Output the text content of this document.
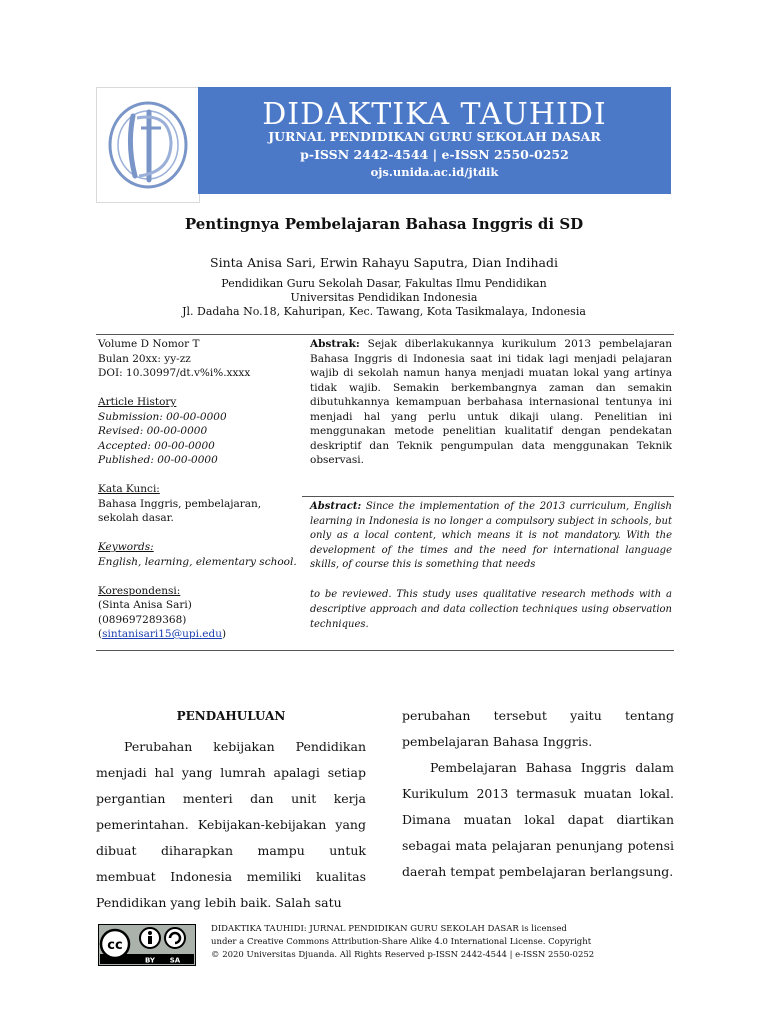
DIDAKTIKA TAUHIDI
JURNAL PENDIDIKAN GURU SEKOLAH DASAR
p-ISSN 2442-4544 | e-ISSN 2550-0252
ojs.unida.ac.id/jtdik
Pentingnya Pembelajaran Bahasa Inggris di SD
Sinta Anisa Sari, Erwin Rahayu Saputra, Dian Indihadi
Pendidikan Guru Sekolah Dasar, Fakultas Ilmu Pendidikan
Universitas Pendidikan Indonesia
Jl. Dadaha No.18, Kahuripan, Kec. Tawang, Kota Tasikmalaya, Indonesia
Volume D Nomor T
Bulan 20xx: yy-zz
DOI: 10.30997/dt.v%i%.xxxx
Article History
Submission: 00-00-0000
Revised: 00-00-0000
Accepted: 00-00-0000
Published: 00-00-0000
Kata Kunci:
Bahasa Inggris, pembelajaran,
sekolah dasar.
Keywords:
English, learning, elementary school.
Korespondensi:
(Sinta Anisa Sari)
(089697289368)
(sintanisari15@upi.edu)
Abstrak: Sejak diberlakukannya kurikulum 2013 pembelajaran Bahasa Inggris di Indonesia saat ini tidak lagi menjadi pelajaran wajib di sekolah namun hanya menjadi muatan lokal yang artinya tidak wajib. Semakin berkembangnya zaman dan semakin dibutuhkannya kemampuan berbahasa internasional tentunya ini menjadi hal yang perlu untuk dikaji ulang. Penelitian ini menggunakan metode penelitian kualitatif dengan pendekatan deskriptif dan Teknik pengumpulan data menggunakan Teknik observasi.
Abstract: Since the implementation of the 2013 curriculum, English learning in Indonesia is no longer a compulsory subject in schools, but only as a local content, which means it is not mandatory. With the development of the times and the need for international language skills, of course this is something that needs
to be reviewed. This study uses qualitative research methods with a descriptive approach and data collection techniques using observation techniques.
PENDAHULUAN
Perubahan kebijakan Pendidikan menjadi hal yang lumrah apalagi setiap pergantian menteri dan unit kerja pemerintahan. Kebijakan-kebijakan yang dibuat diharapkan mampu untuk membuat Indonesia memiliki kualitas Pendidikan yang lebih baik. Salah satu
perubahan tersebut yaitu tentang pembelajaran Bahasa Inggris.
Pembelajaran Bahasa Inggris dalam Kurikulum 2013 termasuk muatan lokal. Dimana muatan lokal dapat diartikan sebagai mata pelajaran penunjang potensi daerah tempat pembelajaran berlangsung.
cc
BY SA
DIDAKTIKA TAUHIDI: JURNAL PENDIDIKAN GURU SEKOLAH DASAR is licensed
under a Creative Commons Attribution-Share Alike 4.0 International License. Copyright
© 2020 Universitas Djuanda. All Rights Reserved p-ISSN 2442-4544 | e-ISSN 2550-0252
